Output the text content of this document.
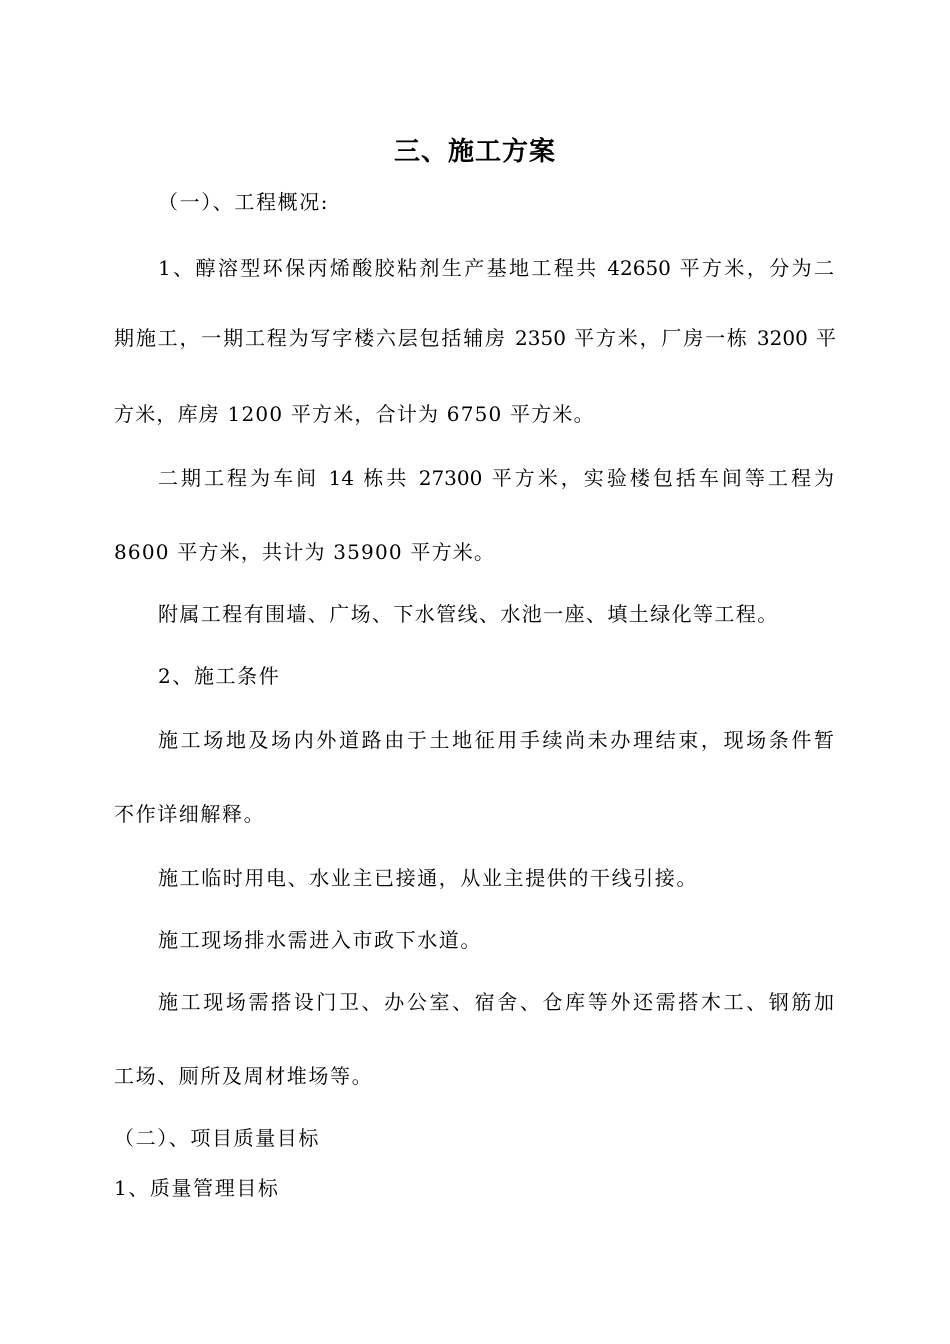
三、施工方案

（一）、工程概况:

1、醇溶型环保丙烯酸胶粘剂生产基地工程共 42650 平方米，分为二

期施工，一期工程为写字楼六层包括辅房 2350 平方米，厂房一栋 3200 平

方米，库房 1200 平方米，合计为 6750 平方米。

二期工程为车间 14 栋共 27300 平方米，实验楼包括车间等工程为

8600 平方米，共计为 35900 平方米。

附属工程有围墙、广场、下水管线、水池一座、填土绿化等工程。

2、施工条件

施工场地及场内外道路由于土地征用手续尚未办理结束，现场条件暂

不作详细解释。

施工临时用电、水业主已接通，从业主提供的干线引接。

施工现场排水需进入市政下水道。

施工现场需搭设门卫、办公室、宿舍、仓库等外还需搭木工、钢筋加

工场、厕所及周材堆场等。

（二）、项目质量目标

1、质量管理目标
